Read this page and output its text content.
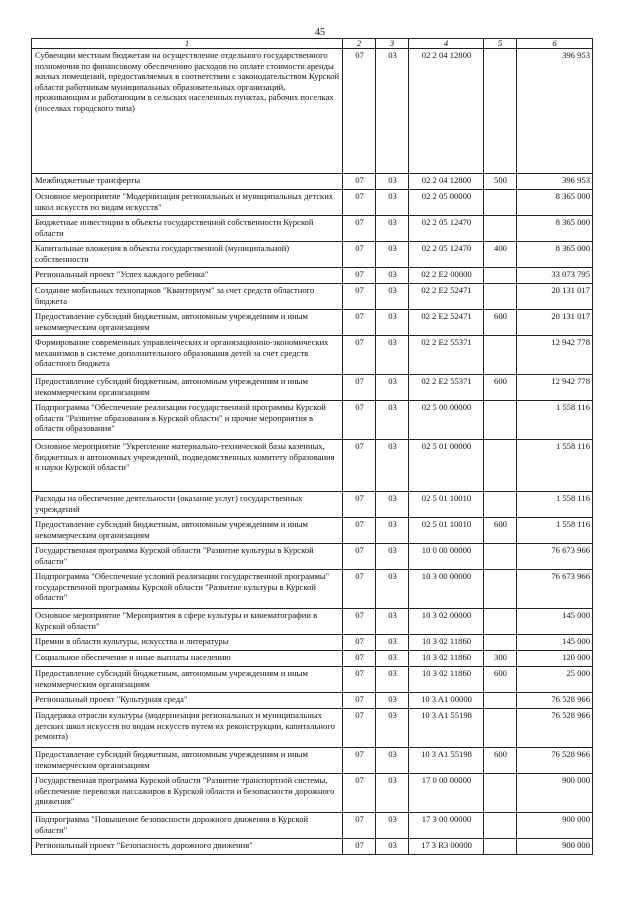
45
1	2	3	4	5	6
Субвенции местным бюджетам на осуществление отдельного государственного полномочия по финансовому обеспечению расходов по оплате стоимости аренды жилых помещений, предоставляемых в соответствии с законодательством Курской области работникам муниципальных образовательных организаций, проживающим и работающим в сельских населенных пунктах, рабочих поселках (поселках городского типа)	07	03	02 2 04 12800		396 953
Межбюджетные трансферты	07	03	02 2 04 12800	500	396 953
Основное мероприятие "Модернизация региональных и муниципальных детских школ искусств по видам искусств"	07	03	02 2 05 00000		8 365 000
Бюджетные инвестиции в объекты государственной собственности Курской области	07	03	02 2 05 12470		8 365 000
Капитальные вложения в объекты государственной (муниципальной) собственности	07	03	02 2 05 12470	400	8 365 000
Региональный проект "Успех каждого ребенка"	07	03	02 2 E2 00000		33 073 795
Создание мобильных технопарков "Кванториум" за счет средств областного бюджета	07	03	02 2 E2 52471		20 131 017
Предоставление субсидий бюджетным, автономным учреждениям и иным некоммерческим организациям	07	03	02 2 E2 52471	600	20 131 017
Формирование современных управленческих и организационно-экономических механизмов в системе дополнительного образования детей за счет средств областного бюджета	07	03	02 2 E2 55371		12 942 778
Предоставление субсидий бюджетным, автономным учреждениям и иным некоммерческим организациям	07	03	02 2 E2 55371	600	12 942 778
Подпрограмма "Обеспечение реализации государственной программы Курской области "Развитие образования в Курской области" и прочие мероприятия в области образования"	07	03	02 5 00 00000		1 558 116
Основное мероприятие "Укрепление материально-технической базы казенных, бюджетных и автономных учреждений, подведомственных комитету образования и науки Курской области"	07	03	02 5 01 00000		1 558 116
Расходы на обеспечение деятельности (оказание услуг) государственных учреждений	07	03	02 5 01 10010		1 558 116
Предоставление субсидий бюджетным, автономным учреждениям и иным некоммерческим организациям	07	03	02 5 01 10010	600	1 558 116
Государственная программа Курской области "Развитие культуры в Курской области"	07	03	10 0 00 00000		76 673 966
Подпрограмма "Обеспечение условий реализации государственной программы" государственной программы Курской области "Развитие культуры в Курской области"	07	03	10 3 00 00000		76 673 966
Основное мероприятие "Мероприятия в сфере культуры и кинематографии в Курской области"	07	03	10 3 02 00000		145 000
Премии в области культуры, искусства и литературы	07	03	10 3 02 11860		145 000
Социальное обеспечение и иные выплаты населению	07	03	10 3 02 11860	300	120 000
Предоставление субсидий бюджетным, автономным учреждениям и иным некоммерческим организациям	07	03	10 3 02 11860	600	25 000
Региональный проект "Культурная среда"	07	03	10 3 A1 00000		76 528 966
Поддержка отрасли культуры (модернизация региональных и муниципальных детских школ искусств по видам искусств путем их реконструкции, капитального ремонта)	07	03	10 3 A1 55198		76 528 966
Предоставление субсидий бюджетным, автономным учреждениям и иным некоммерческим организациям	07	03	10 3 A1 55198	600	76 528 966
Государственная программа Курской области "Развитие транспортной системы, обеспечение перевозки пассажиров в Курской области и безопасности дорожного движения"	07	03	17 0 00 00000		900 000
Подпрограмма "Повышение безопасности дорожного движения в Курской области"	07	03	17 3 00 00000		900 000
Региональный проект "Безопасность дорожного движения"	07	03	17 3 R3 00000		900 000
